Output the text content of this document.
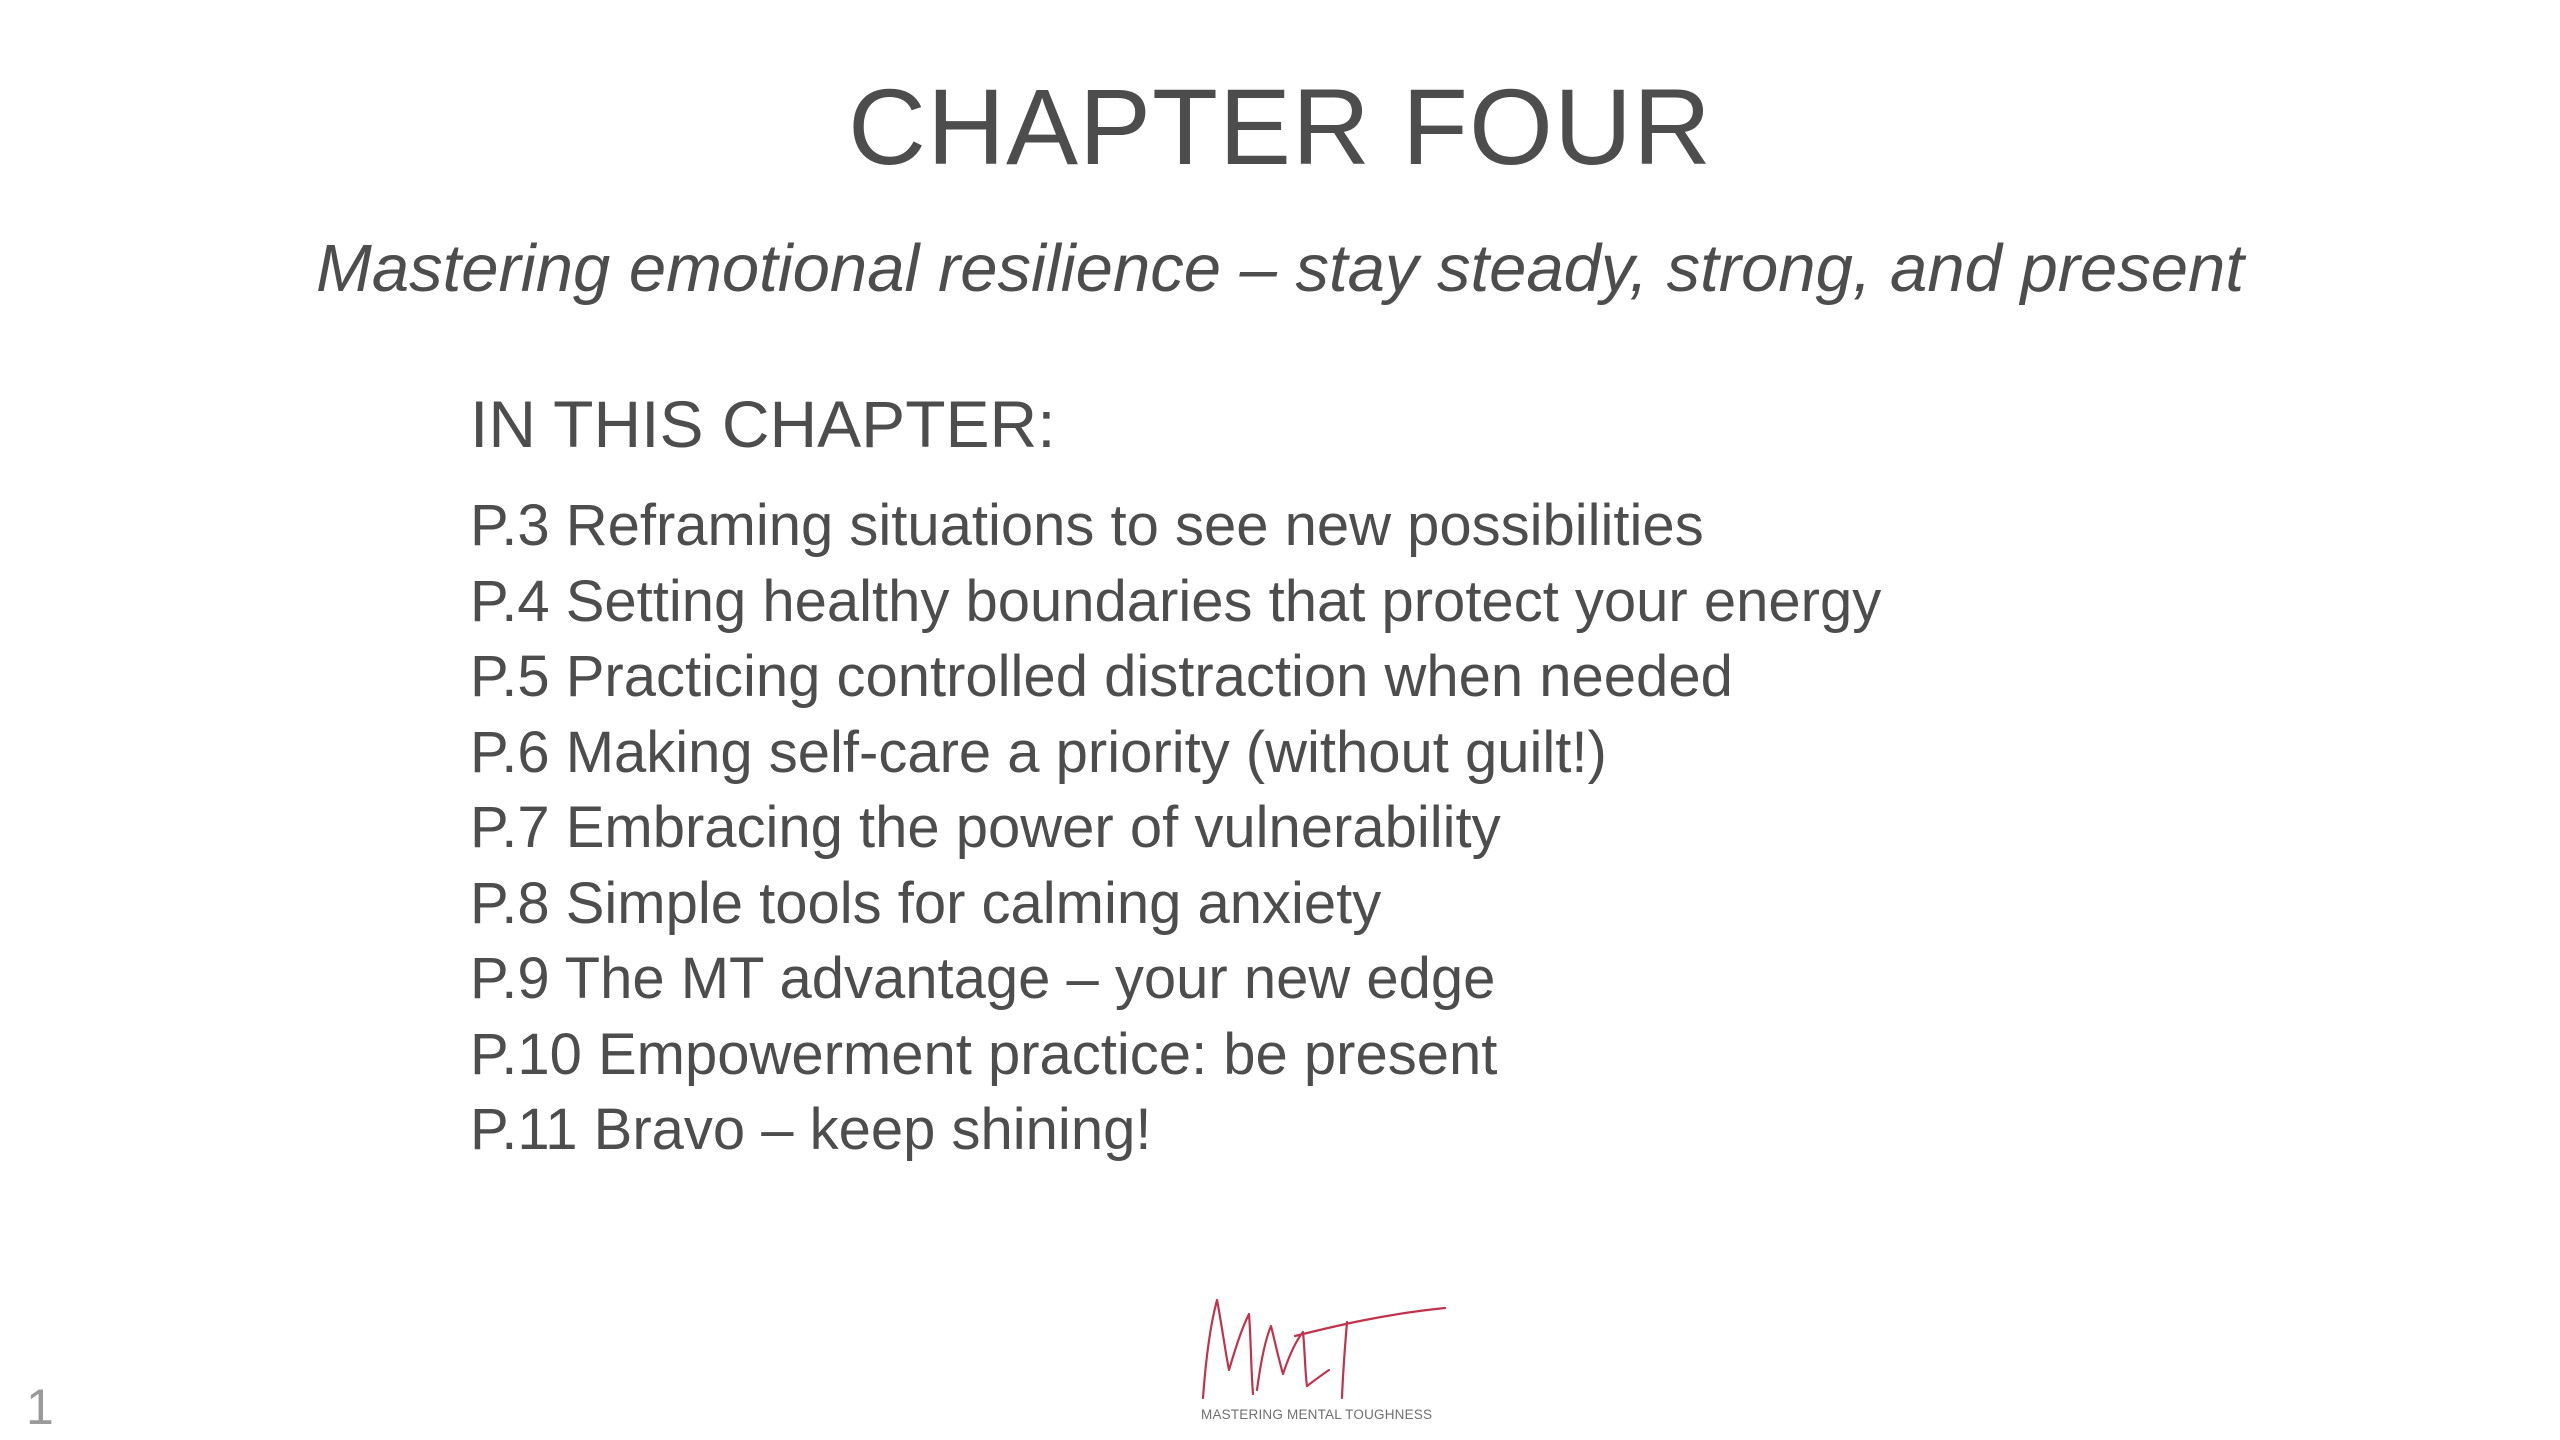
CHAPTER FOUR
Mastering emotional resilience – stay steady, strong, and present
IN THIS CHAPTER:
P.3 Reframing situations to see new possibilities
P.4 Setting healthy boundaries that protect your energy
P.5 Practicing controlled distraction when needed
P.6 Making self-care a priority (without guilt!)
P.7 Embracing the power of vulnerability
P.8 Simple tools for calming anxiety
P.9 The MT advantage – your new edge
P.10 Empowerment practice: be present
P.11 Bravo – keep shining!
1	MASTERING MENTAL TOUGHNESS
